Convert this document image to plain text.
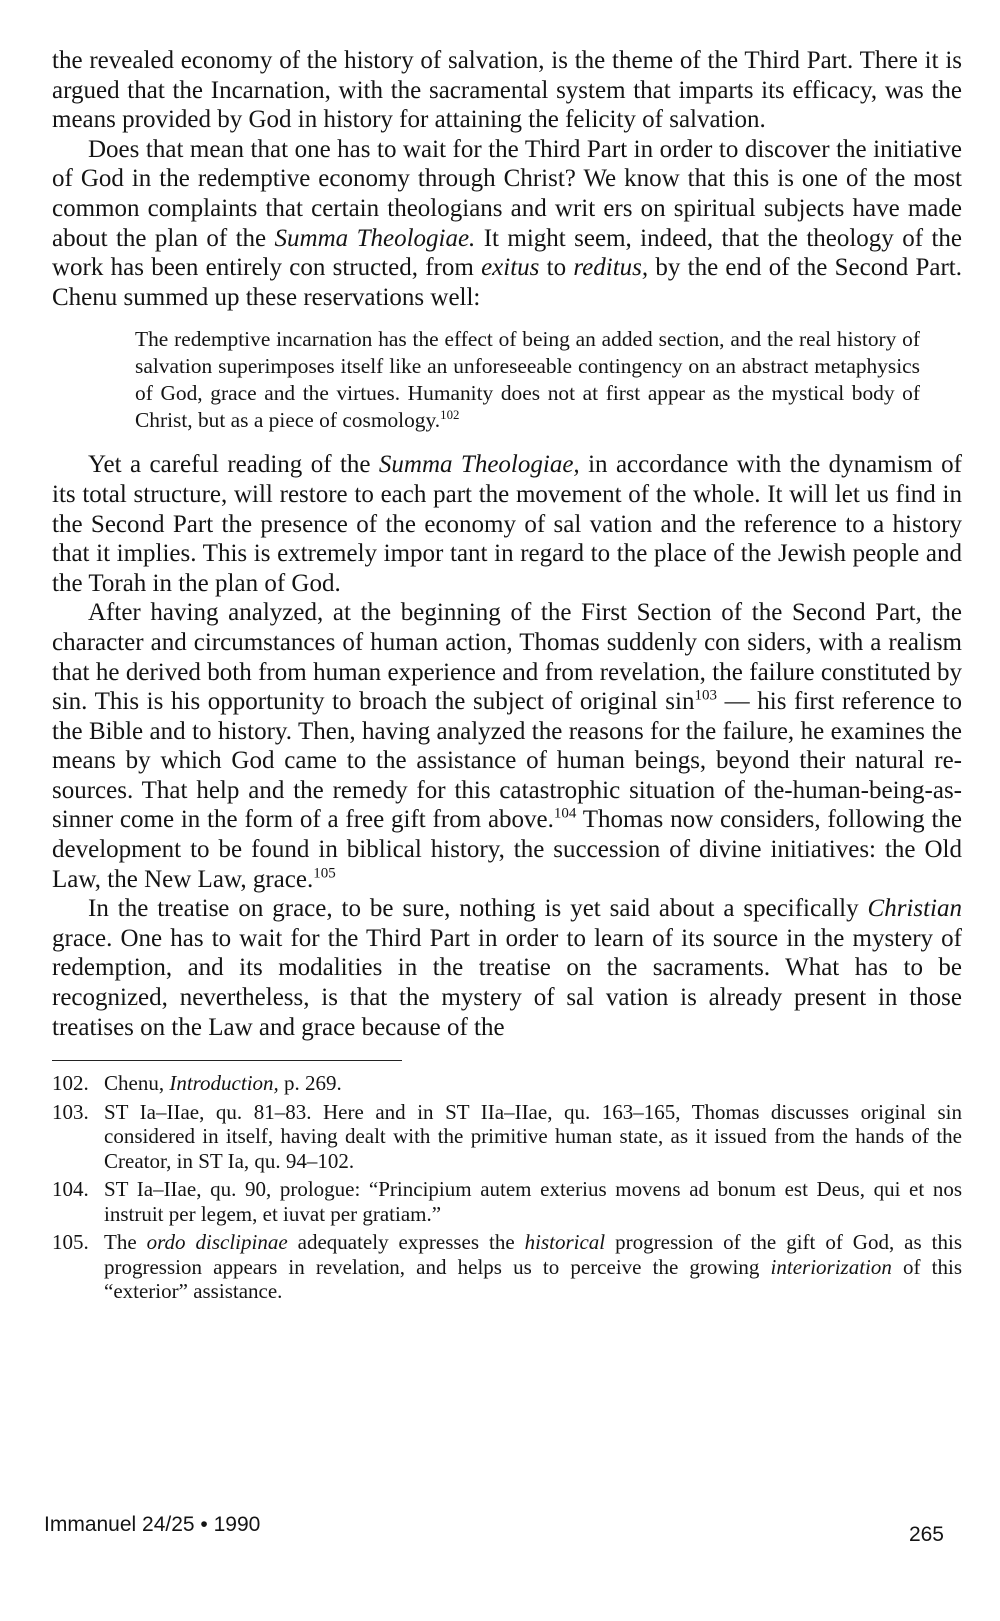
the revealed economy of the history of salvation, is the theme of the Third Part. There it is argued that the Incarnation, with the sacramental system that imparts its efficacy, was the means provided by God in history for attaining the felicity of salvation.

Does that mean that one has to wait for the Third Part in order to discover the initiative of God in the redemptive economy through Christ? We know that this is one of the most common complaints that certain theologians and writ ers on spiritual subjects have made about the plan of the Summa Theologiae. It might seem, indeed, that the theology of the work has been entirely con structed, from exitus to reditus, by the end of the Second Part. Chenu summed up these reservations well:

The redemptive incarnation has the effect of being an added section, and the real history of salvation superimposes itself like an unforeseeable contingency on an abstract metaphysics of God, grace and the virtues. Humanity does not at first appear as the mystical body of Christ, but as a piece of cosmology.$^{102}$

Yet a careful reading of the Summa Theologiae, in accordance with the dynamism of its total structure, will restore to each part the movement of the whole. It will let us find in the Second Part the presence of the economy of sal vation and the reference to a history that it implies. This is extremely impor tant in regard to the place of the Jewish people and the Torah in the plan of God.

After having analyzed, at the beginning of the First Section of the Second Part, the character and circumstances of human action, Thomas suddenly con siders, with a realism that he derived both from human experience and from revelation, the failure constituted by sin. This is his opportunity to broach the subject of original $\sin^{103}$ — his first reference to the Bible and to history. Then, having analyzed the reasons for the failure, he examines the means by which God came to the assistance of human beings, beyond their natural re sources. That help and the remedy for this catastrophic situation of the-human-being-as-sinner come in the form of a free gift from above.$^{104}$ Thomas now considers, following the development to be found in biblical history, the succession of divine initiatives: the Old Law, the New Law, grace.$^{105}$

In the treatise on grace, to be sure, nothing is yet said about a specifically Christian grace. One has to wait for the Third Part in order to learn of its source in the mystery of redemption, and its modalities in the treatise on the sacraments. What has to be recognized, nevertheless, is that the mystery of sal vation is already present in those treatises on the Law and grace because of the

102. Chenu, Introduction, p. 269.

103. ST Ia–IIae, qu. 81–83. Here and in ST IIa–IIae, qu. 163–165, Thomas discusses original sin considered in itself, having dealt with the primitive human state, as it issued from the hands of the Creator, in ST Ia, qu. 94–102.

104. ST Ia–IIae, qu. 90, prologue: “Principium autem exterius movens ad bonum est Deus, qui et nos instruit per legem, et iuvat per gratiam.”

105. The ordo disclipinae adequately expresses the historical progression of the gift of God, as this progression appears in revelation, and helps us to perceive the growing interiorization of this “exterior” assistance.

Immanuel 24/25 • 1990	265
